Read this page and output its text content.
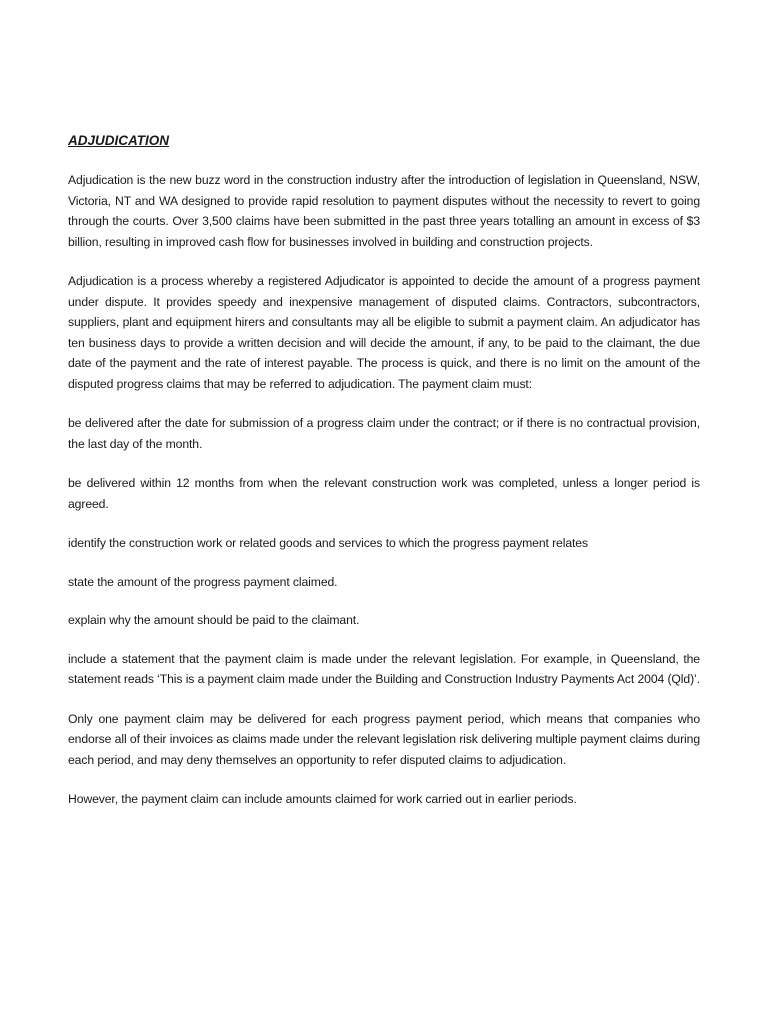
ADJUDICATION

Adjudication is the new buzz word in the construction industry after the introduction of legislation in Queensland, NSW, Victoria, NT and WA designed to provide rapid resolution to payment disputes without the necessity to revert to going through the courts. Over 3,500 claims have been submitted in the past three years totalling an amount in excess of $3 billion, resulting in improved cash flow for businesses involved in building and construction projects.

Adjudication is a process whereby a registered Adjudicator is appointed to decide the amount of a progress payment under dispute. It provides speedy and inexpensive management of disputed claims. Contractors, subcontractors, suppliers, plant and equipment hirers and consultants may all be eligible to submit a payment claim. An adjudicator has ten business days to provide a written decision and will decide the amount, if any, to be paid to the claimant, the due date of the payment and the rate of interest payable. The process is quick, and there is no limit on the amount of the disputed progress claims that may be referred to adjudication. The payment claim must:

be delivered after the date for submission of a progress claim under the contract; or if there is no contractual provision, the last day of the month.

be delivered within 12 months from when the relevant construction work was completed, unless a longer period is agreed.

identify the construction work or related goods and services to which the progress payment relates

state the amount of the progress payment claimed.

explain why the amount should be paid to the claimant.

include a statement that the payment claim is made under the relevant legislation. For example, in Queensland, the statement reads ‘This is a payment claim made under the Building and Construction Industry Payments Act 2004 (Qld)’.

Only one payment claim may be delivered for each progress payment period, which means that companies who endorse all of their invoices as claims made under the relevant legislation risk delivering multiple payment claims during each period, and may deny themselves an opportunity to refer disputed claims to adjudication.

However, the payment claim can include amounts claimed for work carried out in earlier periods.
